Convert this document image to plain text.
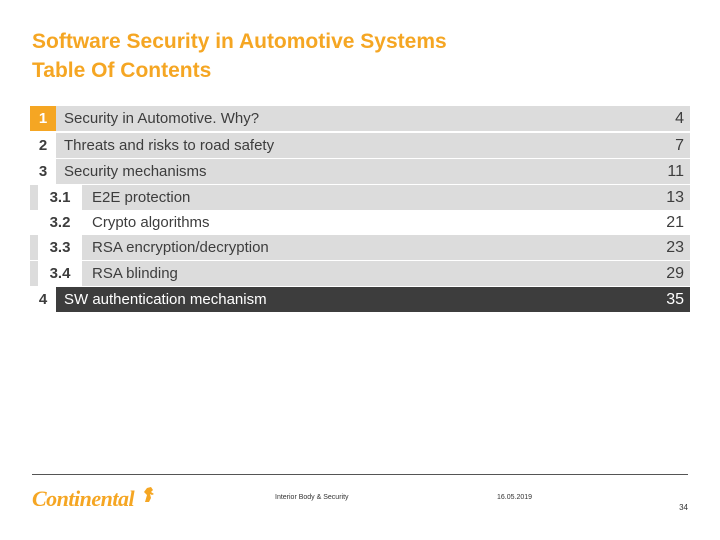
Software Security in Automotive Systems
Table Of Contents
1	Security in Automotive. Why?	4
2	Threats and risks to road safety	7
3	Security mechanisms	11
3.1	E2E protection	13
3.2	Crypto algorithms	21
3.3	RSA encryption/decryption	23
3.4	RSA blinding	29
4	SW authentication mechanism	35
Continental	Interior Body & Security	16.05.2019
34
